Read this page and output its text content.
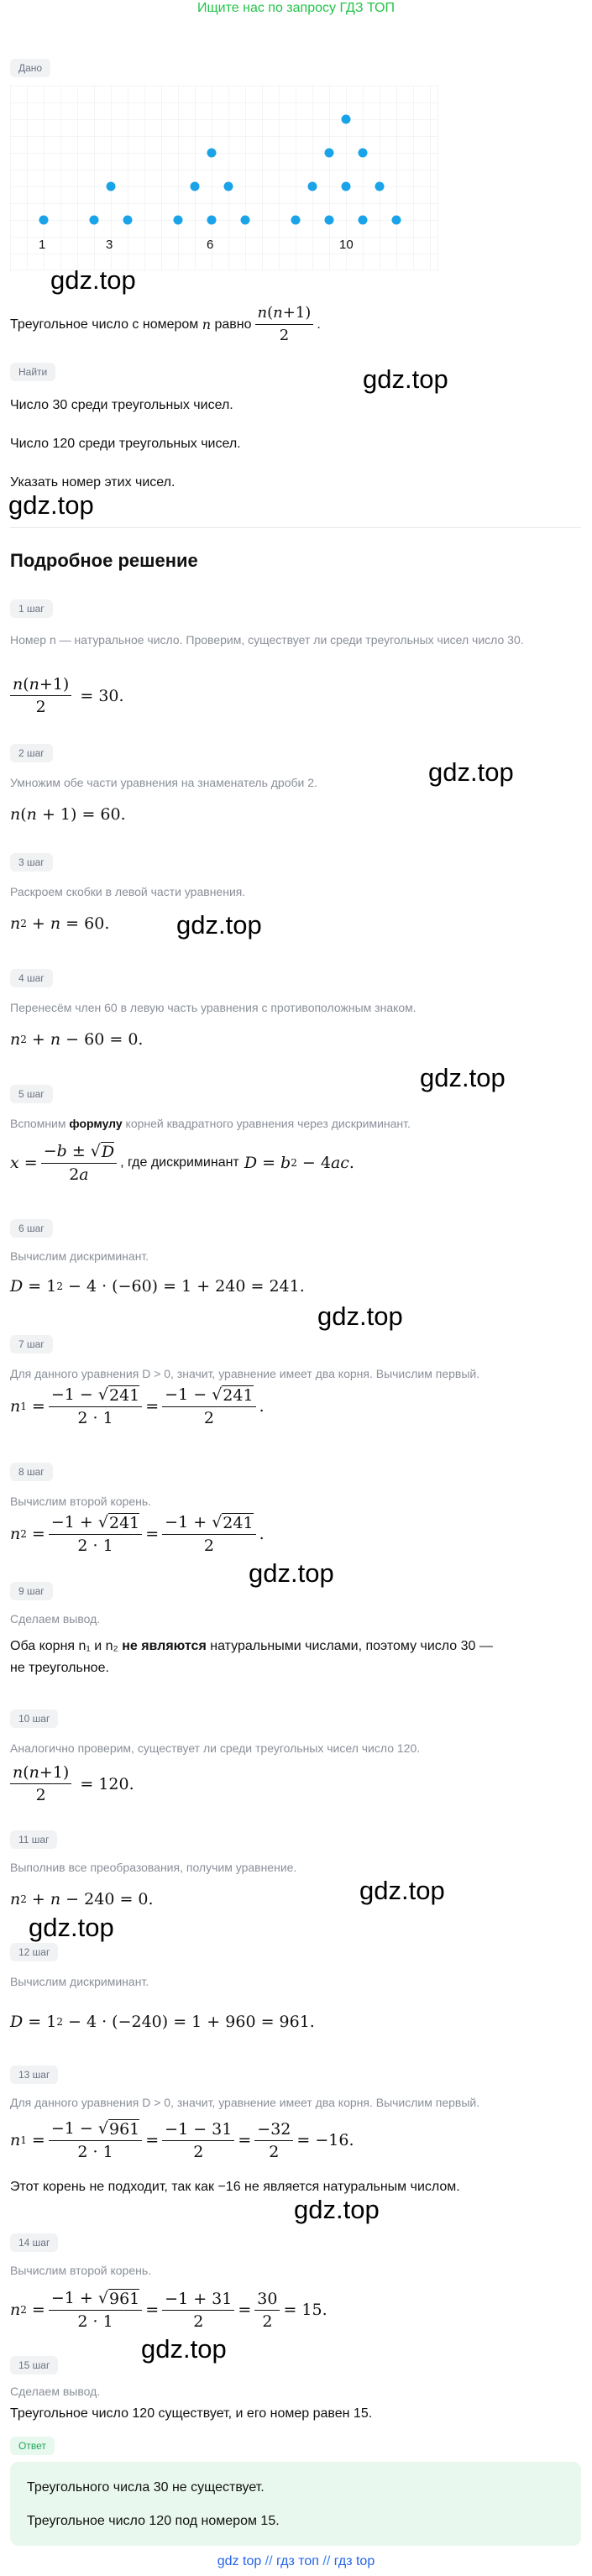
Ищите нас по запросу ГДЗ ТОП
Дано
1	3	6	10
gdz.top
Треугольное число с номером
n
равно $\frac{n(n+1)}{2}$ .
Найти	gdz.top
Число 30 среди треугольных чисел.
Число 120 среди треугольных чисел.
Указать номер этих чисел.
gdz.top
Подробное решение
1 шаг
Номер n — натуральное число. Проверим, существует ли среди треугольных чисел число 30.
$\frac{n(n+1)}{2} = 30$.
2 шаг
gdz.top
Умножим обе части уравнения на знаменатель дроби 2.
n ( n + 1) = 60.
3 шаг
Раскроем скобки в левой части уравнения.
n 2 + n = 60.	gdz.top
4 шаг
Перенесём член 60 в левую часть уравнения с противоположным знаком.
n 2 + n − 60 = 0.
gdz.top
5 шаг
Вспомним формулу корней квадратного уравнения через дискриминант.
$x = \frac{-b \pm √ D}{2a}$ , где дискриминант
D = b 2 − 4 ac .
6 шаг
Вычислим дискриминант.
D = 1 2 − 4 · (−60) = 1 + 240 = 241.
gdz.top
7 шаг
Для данного уравнения D > 0, значит, уравнение имеет два корня. Вычислим первый.
n $1 = \frac{-1 - √ 241}{2 \cdot 1} = \frac{-1 - √ 241}{2}$ .
8 шаг
Вычислим второй корень.
n $2 = \frac{-1 + √ 241}{2 \cdot 1} = \frac{-1 + √ 241}{2}$ .
gdz.top
9 шаг
Сделаем вывод.
Оба корня n₁ и n₂ не являются натуральными числами, поэтому число 30 —
не треугольное.
10 шаг
Аналогично проверим, существует ли среди треугольных чисел число 120.
$\frac{n(n+1)}{2} = 120$.
11 шаг
Выполнив все преобразования, получим уравнение.
gdz.top
n 2 + n − 240 = 0.
gdz.top
12 шаг
Вычислим дискриминант.
D = 1 2 − 4 · (−240) = 1 + 960 = 961.
13 шаг
Для данного уравнения D > 0, значит, уравнение имеет два корня. Вычислим первый.
n $1 = \frac{-1 - √ 961}{2 \cdot 1} = \frac{-1 - 31}{2} = \frac{-32}{2} = -16$.
Этот корень не подходит, так как −16 не является натуральным числом.
gdz.top
14 шаг
Вычислим второй корень.
n $2 = \frac{-1 + √ 961}{2 \cdot 1} = \frac{-1 + 31}{2} = \frac{30}{2} = 15$.
gdz.top
15 шаг
Сделаем вывод.
Треугольное число 120 существует, и его номер равен 15.
Ответ
Треугольного числа 30 не существует.
Треугольное число 120 под номером 15.
gdz top // гдз топ // гдз top
